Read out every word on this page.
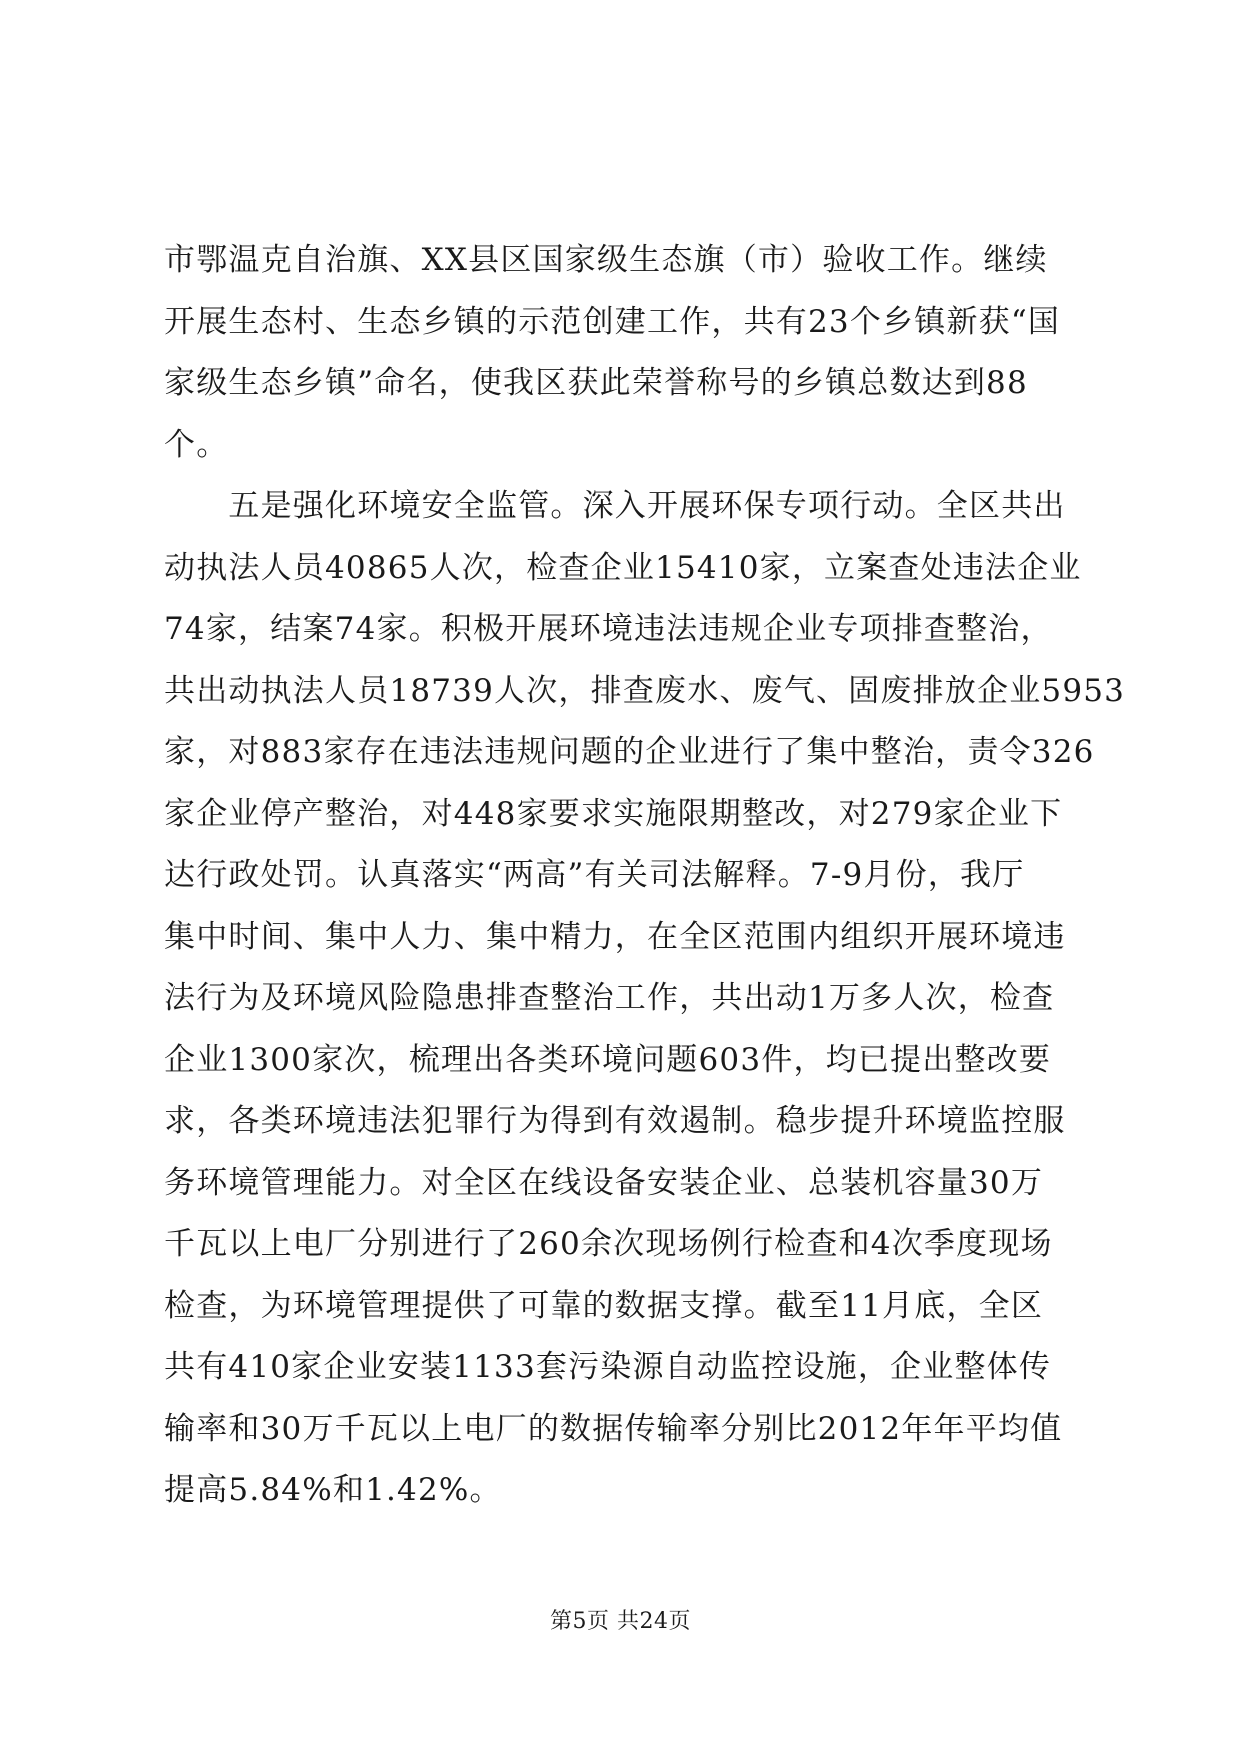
市鄂温克自治旗、XX县区国家级生态旗（市）验收工作。继续
开展生态村、生态乡镇的示范创建工作，共有23个乡镇新获“国
家级生态乡镇”命名，使我区获此荣誉称号的乡镇总数达到88
个。
　　五是强化环境安全监管。深入开展环保专项行动。全区共出
动执法人员40865人次，检查企业15410家，立案查处违法企业
74家，结案74家。积极开展环境违法违规企业专项排查整治，
共出动执法人员18739人次，排查废水、废气、固废排放企业5953
家，对883家存在违法违规问题的企业进行了集中整治，责令326
家企业停产整治，对448家要求实施限期整改，对279家企业下
达行政处罚。认真落实“两高”有关司法解释。7-9月份，我厅
集中时间、集中人力、集中精力，在全区范围内组织开展环境违
法行为及环境风险隐患排查整治工作，共出动1万多人次，检查
企业1300家次，梳理出各类环境问题603件，均已提出整改要
求，各类环境违法犯罪行为得到有效遏制。稳步提升环境监控服
务环境管理能力。对全区在线设备安装企业、总装机容量30万
千瓦以上电厂分别进行了260余次现场例行检查和4次季度现场
检查，为环境管理提供了可靠的数据支撑。截至11月底，全区
共有410家企业安装1133套污染源自动监控设施，企业整体传
输率和30万千瓦以上电厂的数据传输率分别比2012年年平均值
提高5.84%和1.42%。
第5页 共24页
